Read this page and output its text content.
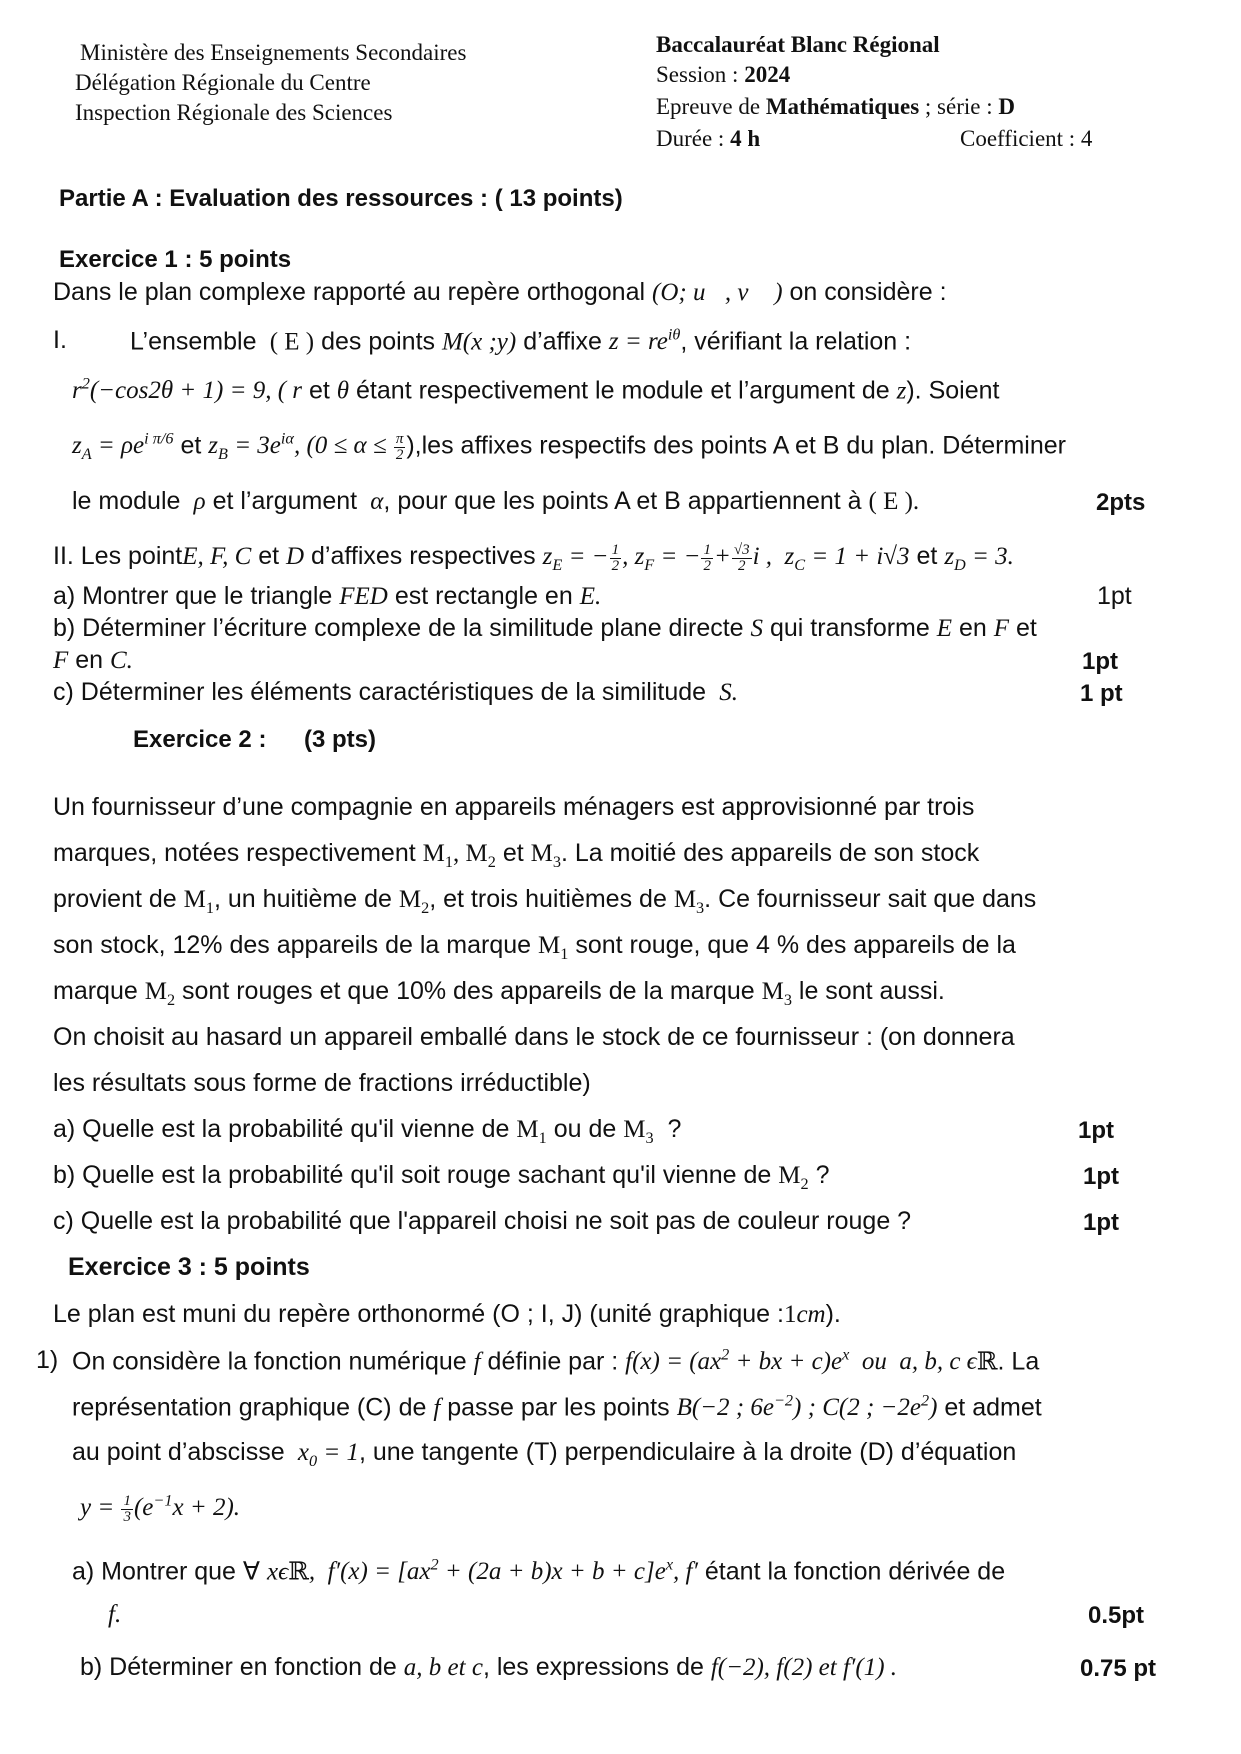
Ministère des Enseignements Secondaires
Délégation Régionale du Centre
Inspection Régionale des Sciences
Baccalauréat Blanc Régional
Session : 2024
Epreuve de Mathématiques ; série : D
Durée : 4 h	Coefficient : 4
Partie A : Evaluation des ressources : ( 13 points)
Exercice 1 : 5 points
Dans le plan complexe rapporté au repère orthogonal (O; u⃗, v⃗ ) on considère :
I.	L’ensemble  ( E ) des points M(x ;y) d’affixe $z = re^{i\theta}$, vérifiant la relation :
$r^2(-\cos 2\theta + 1) = 9$, ( r et θ étant respectivement le module et l’argument de z). Soient
$z_A = \rho e^{i \pi/6}$ et $z_B = 3e^{i\alpha}$, $(0 \le \alpha \le \frac{\pi}{2} ),les$ affixes respectifs des points A et B du plan. Déterminer
le module  ρ et l’argument  α, pour que les points A et B appartiennent à ( E ).	2pts
II. Les pointE, F, C et D d’affixes respectives $z_E$ = − $\frac{1}{2}$ , $z_F$ = − $\frac{1}{2} + \frac{√3}{2}$ i ,  $z_C = 1 + i√3$ et $z_D = 3$.
a) Montrer que le triangle FED est rectangle en E.	1pt
b) Déterminer l’écriture complexe de la similitude plane directe S qui transforme E en F et
F en C.	1pt
c) Déterminer les éléments caractéristiques de la similitude  S.	1 pt
Exercice 2 : (3 pts)
Un fournisseur d’une compagnie en appareils ménagers est approvisionné par trois
marques, notées respectivement $M_1$, $M_2$ et $M_3$. La moitié des appareils de son stock
provient de $M_1$, un huitième de $M_2$, et trois huitièmes de $M_3$. Ce fournisseur sait que dans
son stock, 12% des appareils de la marque $M_1$ sont rouge, que 4 % des appareils de la
marque $M_2$ sont rouges et que 10% des appareils de la marque $M_3$ le sont aussi.
On choisit au hasard un appareil emballé dans le stock de ce fournisseur : (on donnera
les résultats sous forme de fractions irréductible)
a) Quelle est la probabilité qu'il vienne de $M_1$ ou de $M_3$ ?	1pt
b) Quelle est la probabilité qu'il soit rouge sachant qu'il vienne de $M_2$ ?	1pt
c) Quelle est la probabilité que l'appareil choisi ne soit pas de couleur rouge ?	1pt
Exercice 3 : 5 points
Le plan est muni du repère orthonormé (O ; I, J) (unité graphique :1cm).
1) On considère la fonction numérique f définie par : $f(x) = (ax^2$ + bx + $c)e^x$  ou  a, b, c ϵℝ. La
représentation graphique (C) de f passe par les points B(−2 ; $6e^{-2}$) ; C(2 ; $-2e^2$) et admet
au point d’abscisse  $x_0 = 1$, une tangente (T) perpendiculaire à la droite (D) d’équation
$y = \frac{1}{3} (e^{-1}x + 2)$.
a) Montrer que ∀ xϵℝ,  $f'(x) = [ax^2 + (2a + b)x + b + c]e^x$, f′ étant la fonction dérivée de
f.	0.5pt
b) Déterminer en fonction de a, b et c, les expressions de f(−2), f(2) et f′(1) .	0.75 pt
